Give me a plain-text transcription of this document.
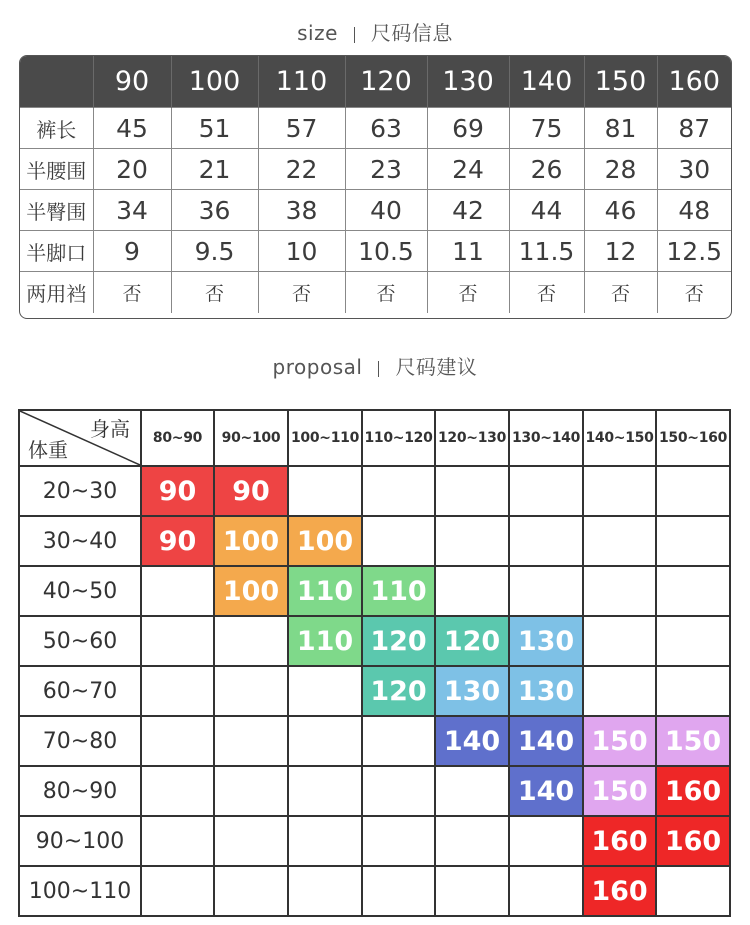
size 尺码信息
	90	100	110	120	130	140	150	160
裤长	45	51	57	63	69	75	81	87
半腰围	20	21	22	23	24	26	28	30
半臀围	34	36	38	40	42	44	46	48
半脚口	9	9.5	10	10.5	11	11.5	12	12.5
两用裆	否	否	否	否	否	否	否	否
proposal 尺码建议
身高
体重	80~90	90~100	100~110	110~120	120~130	130~140	140~150	150~160
20~30	90	90						
30~40	90	100	100					
40~50		100	110	110				
50~60			110	120	120	130		
60~70				120	130	130		
70~80					140	140	150	150
80~90						140	150	160
90~100							160	160
100~110							160	
